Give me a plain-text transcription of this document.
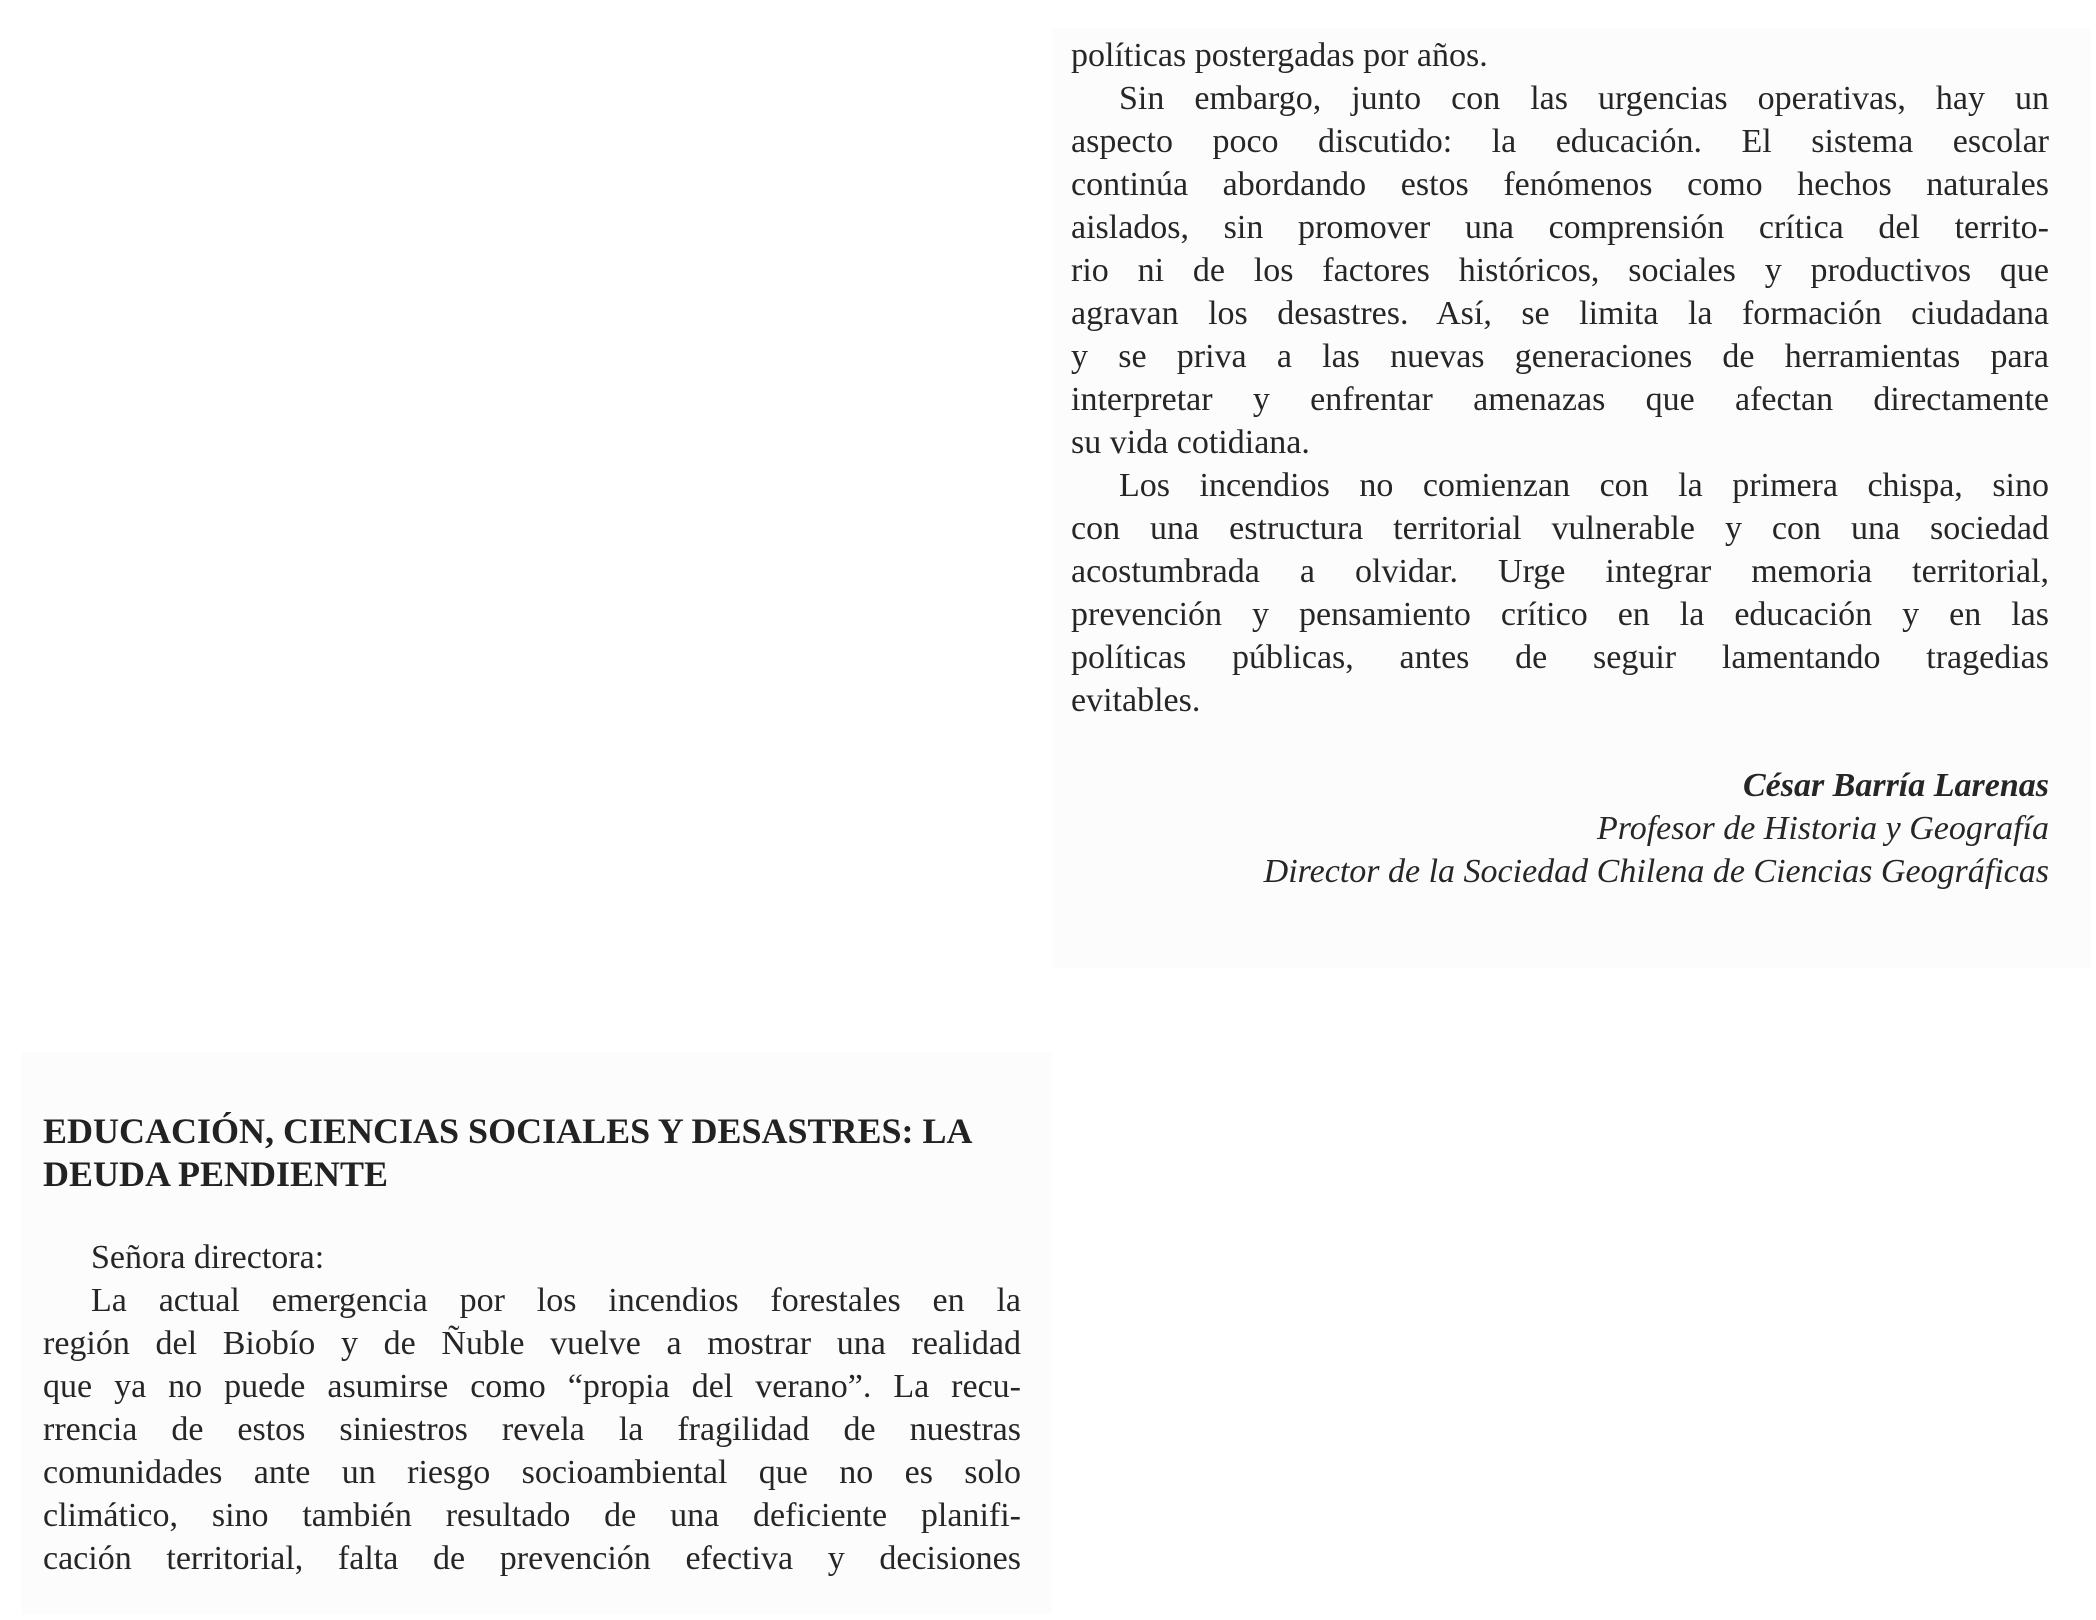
políticas postergadas por años.
Sin embargo, junto con las urgencias operativas, hay un
aspecto poco discutido: la educación. El sistema escolar
continúa abordando estos fenómenos como hechos naturales
aislados, sin promover una comprensión crítica del territo-
rio ni de los factores históricos, sociales y productivos que
agravan los desastres. Así, se limita la formación ciudadana
y se priva a las nuevas generaciones de herramientas para
interpretar y enfrentar amenazas que afectan directamente
su vida cotidiana.
Los incendios no comienzan con la primera chispa, sino
con una estructura territorial vulnerable y con una sociedad
acostumbrada a olvidar. Urge integrar memoria territorial,
prevención y pensamiento crítico en la educación y en las
políticas públicas, antes de seguir lamentando tragedias
evitables.
César Barría Larenas
Profesor de Historia y Geografía
Director de la Sociedad Chilena de Ciencias Geográficas
EDUCACIÓN, CIENCIAS SOCIALES Y DESASTRES: LA
DEUDA PENDIENTE
Señora directora:
La actual emergencia por los incendios forestales en la
región del Biobío y de Ñuble vuelve a mostrar una realidad
que ya no puede asumirse como “propia del verano”. La recu-
rrencia de estos siniestros revela la fragilidad de nuestras
comunidades ante un riesgo socioambiental que no es solo
climático, sino también resultado de una deficiente planifi-
cación territorial, falta de prevención efectiva y decisiones
